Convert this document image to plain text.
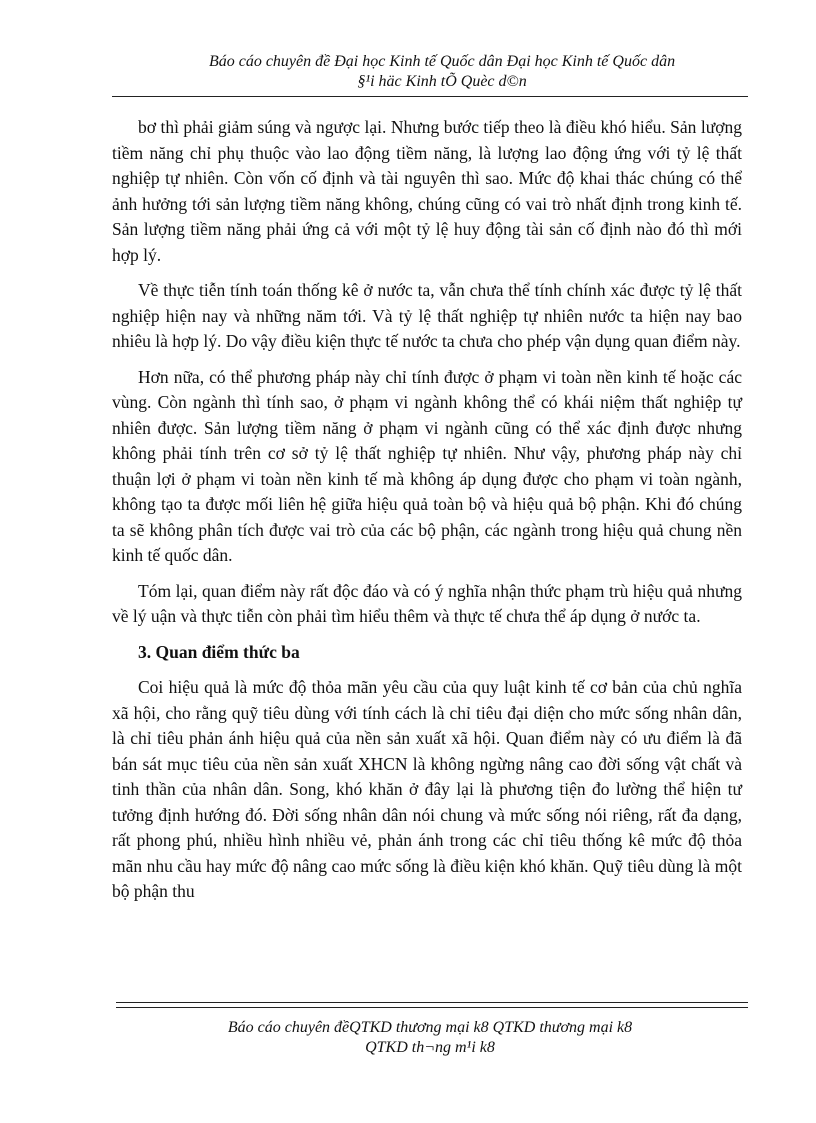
Báo cáo chuyên đề Đại học Kinh tế Quốc dân Đại học Kinh tế Quốc dân
§¹i häc Kinh tÕ Quèc d©n

bơ thì phải giảm súng và ngược lại. Nhưng bước tiếp theo là điều khó hiểu. Sản lượng tiềm năng chỉ phụ thuộc vào lao động tiềm năng, là lượng lao động ứng với tỷ lệ thất nghiệp tự nhiên. Còn vốn cố định và tài nguyên thì sao. Mức độ khai thác chúng có thể ảnh hưởng tới sản lượng tiềm năng không, chúng cũng có vai trò nhất định trong kinh tế. Sản lượng tiềm năng phải ứng cả với một tỷ lệ huy động tài sản cố định nào đó thì mới hợp lý.

Về thực tiễn tính toán thống kê ở nước ta, vẫn chưa thể tính chính xác được tỷ lệ thất nghiệp hiện nay và những năm tới. Và tỷ lệ thất nghiệp tự nhiên nước ta hiện nay bao nhiêu là hợp lý. Do vậy điều kiện thực tế nước ta chưa cho phép vận dụng quan điểm này.

Hơn nữa, có thể phương pháp này chỉ tính được ở phạm vi toàn nền kinh tế hoặc các vùng. Còn ngành thì tính sao, ở phạm vi ngành không thể có khái niệm thất nghiệp tự nhiên được. Sản lượng tiềm năng ở phạm vi ngành cũng có thể xác định được nhưng không phải tính trên cơ sở tỷ lệ thất nghiệp tự nhiên. Như vậy, phương pháp này chỉ thuận lợi ở phạm vi toàn nền kinh tế mà không áp dụng được cho phạm vi toàn ngành, không tạo ta được mối liên hệ giữa hiệu quả toàn bộ và hiệu quả bộ phận. Khi đó chúng ta sẽ không phân tích được vai trò của các bộ phận, các ngành trong hiệu quả chung nền kinh tế quốc dân.

Tóm lại, quan điểm này rất độc đáo và có ý nghĩa nhận thức phạm trù hiệu quả nhưng về lý uận và thực tiễn còn phải tìm hiểu thêm và thực tế chưa thể áp dụng ở nước ta.

3. Quan điểm thức ba

Coi hiệu quả là mức độ thỏa mãn yêu cầu của quy luật kinh tế cơ bản của chủ nghĩa xã hội, cho rằng quỹ tiêu dùng với tính cách là chỉ tiêu đại diện cho mức sống nhân dân, là chỉ tiêu phản ánh hiệu quả của nền sản xuất xã hội. Quan điểm này có ưu điểm là đã bán sát mục tiêu của nền sản xuất XHCN là không ngừng nâng cao đời sống vật chất và tinh thần của nhân dân. Song, khó khăn ở đây lại là phương tiện đo lường thể hiện tư tưởng định hướng đó. Đời sống nhân dân nói chung và mức sống nói riêng, rất đa dạng, rất phong phú, nhiều hình nhiều vẻ, phản ánh trong các chỉ tiêu thống kê mức độ thỏa mãn nhu cầu hay mức độ nâng cao mức sống là điều kiện khó khăn. Quỹ tiêu dùng là một bộ phận thu

Báo cáo chuyên đềQTKD thương mại k8 QTKD thương mại k8
QTKD th¬ng m¹i k8
